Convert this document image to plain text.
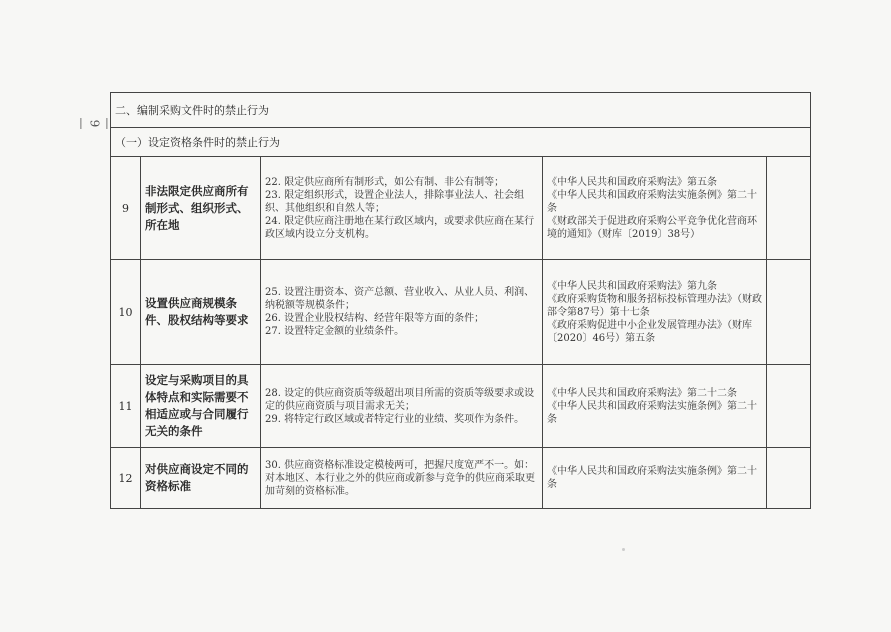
— 9 —
二、编制采购文件时的禁止行为				
（一）设定资格条件时的禁止行为				
9	非法限定供应商所有制形式、组织形式、所在地	22. 限定供应商所有制形式，如公有制、非公有制等；
23. 限定组织形式，设置企业法人，排除事业法人、社会组织、其他组织和自然人等；
24. 限定供应商注册地在某行政区域内，或要求供应商在某行政区域内设立分支机构。	《中华人民共和国政府采购法》第五条
《中华人民共和国政府采购法实施条例》第二十条
《财政部关于促进政府采购公平竞争优化营商环境的通知》（财库〔2019〕38号）	

10	设置供应商规模条件、股权结构等要求	25. 设置注册资本、资产总额、营业收入、从业人员、利润、纳税额等规模条件；
26. 设置企业股权结构、经营年限等方面的条件；
27. 设置特定金额的业绩条件。	《中华人民共和国政府采购法》第九条
《政府采购货物和服务招标投标管理办法》（财政部令第87号）第十七条
《政府采购促进中小企业发展管理办法》（财库〔2020〕46号）第五条	

11	设定与采购项目的具体特点和实际需要不相适应或与合同履行无关的条件	28. 设定的供应商资质等级超出项目所需的资质等级要求或设定的供应商资质与项目需求无关；
29. 将特定行政区域或者特定行业的业绩、奖项作为条件。	《中华人民共和国政府采购法》第二十二条
《中华人民共和国政府采购法实施条例》第二十条	

12	对供应商设定不同的资格标准	30. 供应商资格标准设定模棱两可，把握尺度宽严不一。如：对本地区、本行业之外的供应商或新参与竞争的供应商采取更加苛刻的资格标准。	《中华人民共和国政府采购法实施条例》第二十条	
